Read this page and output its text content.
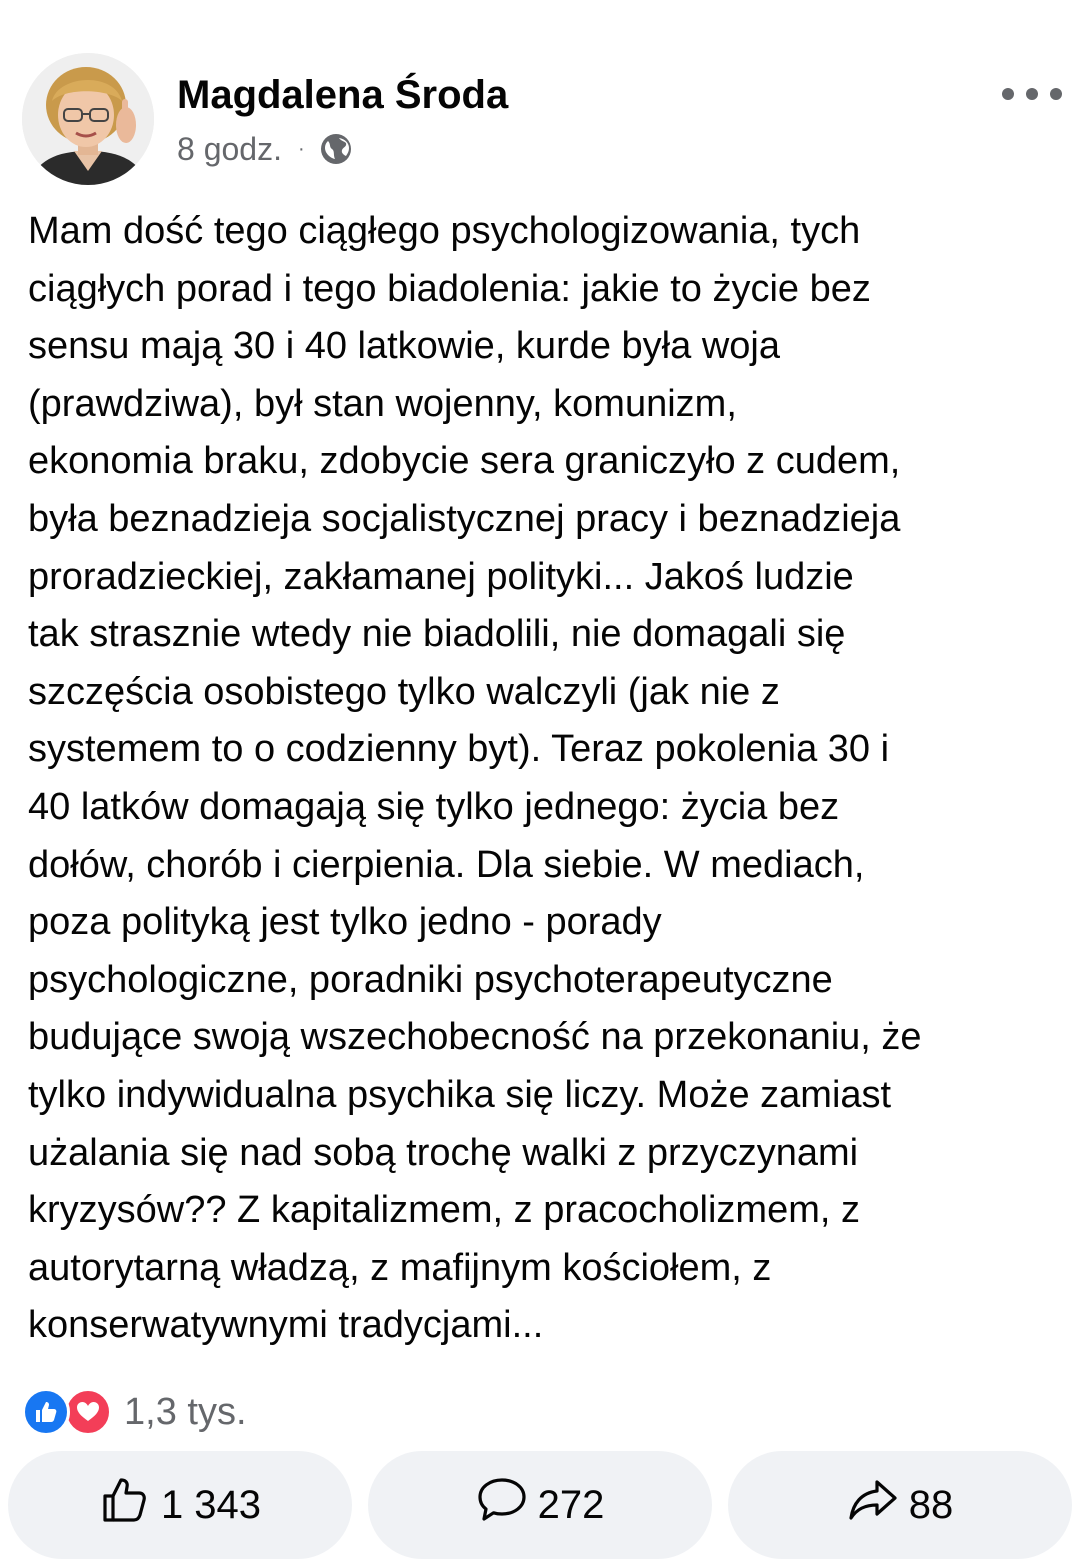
Magdalena Środa
8 godz. ·

Mam dość tego ciągłego psychologizowania, tych
ciągłych porad i tego biadolenia: jakie to życie bez
sensu mają 30 i 40 latkowie, kurde była woja
(prawdziwa), był stan wojenny, komunizm,
ekonomia braku, zdobycie sera graniczyło z cudem,
była beznadzieja socjalistycznej pracy i beznadzieja
proradzieckiej, zakłamanej polityki... Jakoś ludzie
tak strasznie wtedy nie biadolili, nie domagali się
szczęścia osobistego tylko walczyli (jak nie z
systemem to o codzienny byt). Teraz pokolenia 30 i
40 latków domagają się tylko jednego: życia bez
dołów, chorób i cierpienia. Dla siebie. W mediach,
poza polityką jest tylko jedno - porady
psychologiczne, poradniki psychoterapeutyczne
budujące swoją wszechobecność na przekonaniu, że
tylko indywidualna psychika się liczy. Może zamiast
użalania się nad sobą trochę walki z przyczynami
kryzysów?? Z kapitalizmem, z pracocholizmem, z
autorytarną władzą, z mafijnym kościołem, z
konserwatywnymi tradycjami...

1,3 tys.
1 343	272	88
